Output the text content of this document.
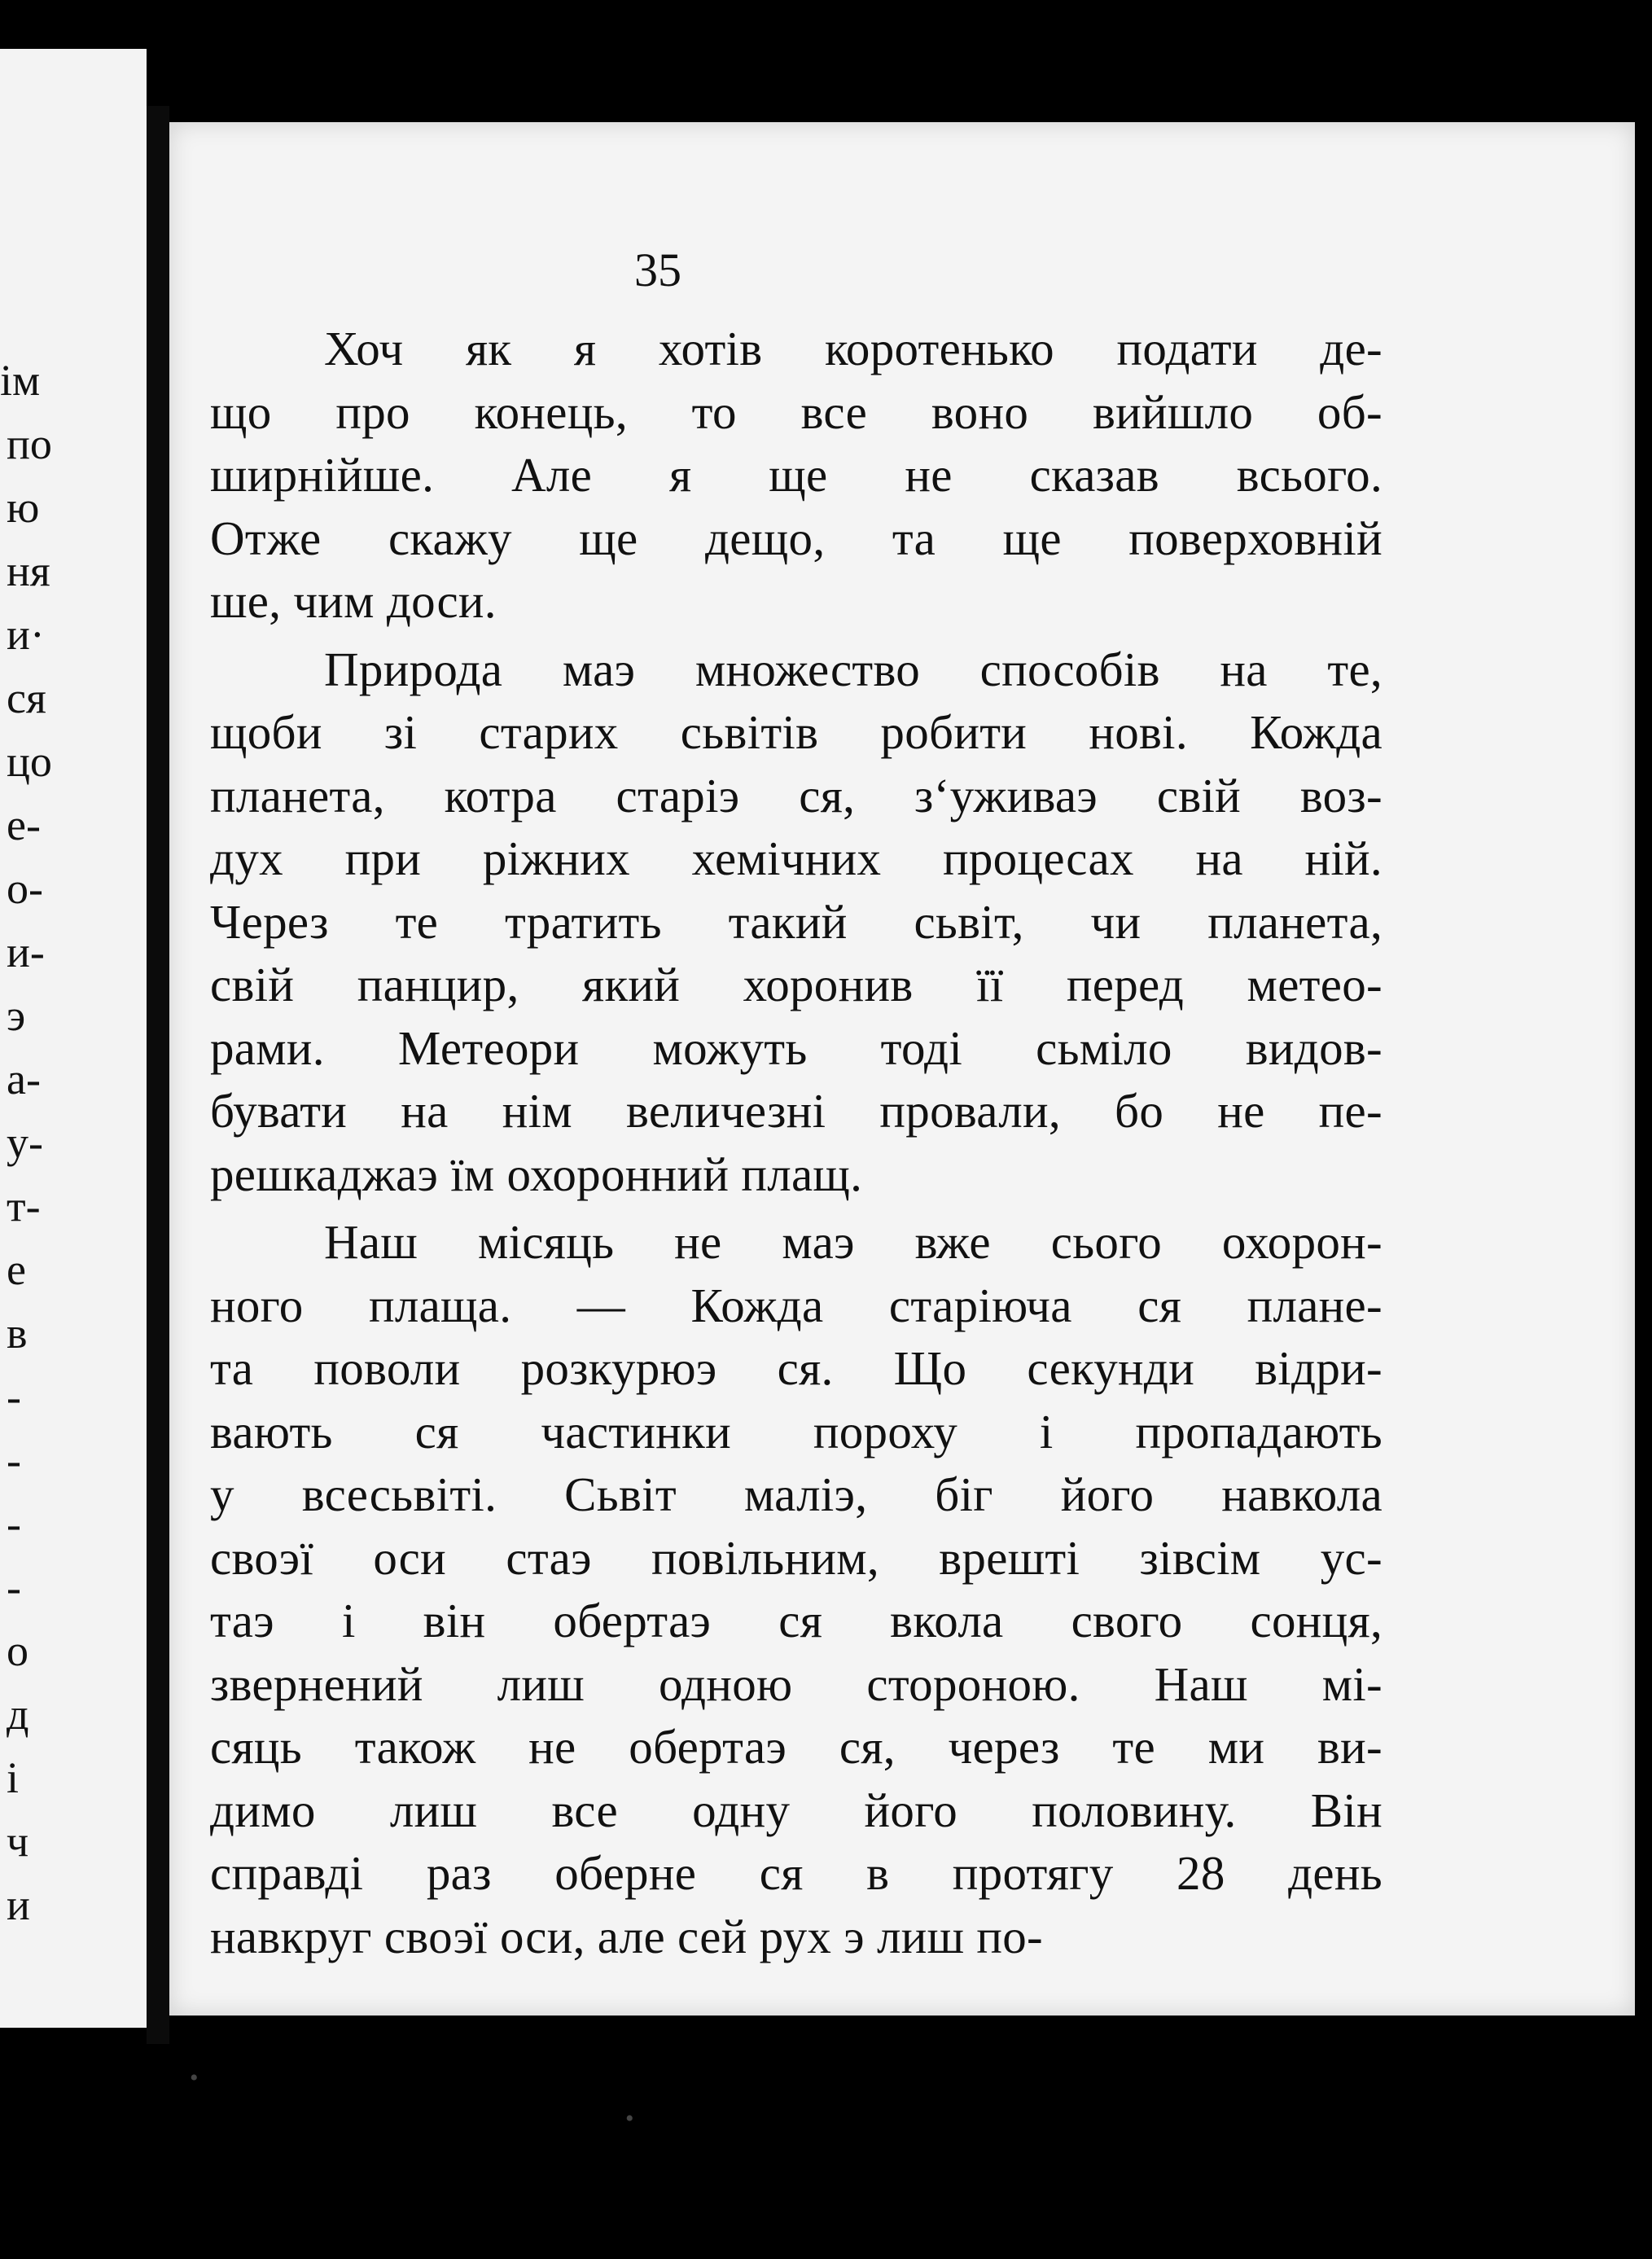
ім
по
ю
ня
и·
ся
цо
е-
о-
и-
э
а-
у-
т-
е
в
-
-
-
-
о
д
і
ч
и
35
Хоч як я хотів коротенько подати де-
що про конець, то все воно вийшло об-
ширнійше. Але я ще не сказав всього.
Отже скажу ще дещо, та ще поверховній
ше, чим доси.
Природа маэ множество способів на те,
щоби зі старих сьвітів робити нові. Кожда
планета, котра старіэ ся, з‘уживаэ свій воз-
дух при ріжних хемічних процесах на ній.
Через те тратить такий сьвіт, чи планета,
свій панцир, який хоронив її перед метео-
рами. Метеори можуть тоді сьміло видов-
бувати на нім величезні провали, бо не пе-
решкаджаэ їм охоронний плащ.
Наш місяць не маэ вже сього охорон-
ного плаща. — Кожда старіюча ся плане-
та поволи розкурюэ ся. Що секунди відри-
вають ся частинки пороху і пропадають
у всесьвіті. Сьвіт маліэ, біг його навкола
своэї оси стаэ повільним, врешті зівсім ус-
таэ і він обертаэ ся вкола свого сонця,
звернений лиш одною стороною. Наш мі-
сяць також не обертаэ ся, через те ми ви-
димо лиш все одну його половину. Він
справді раз оберне ся в протягу 28 день
навкруг своэї оси, але сей рух э лиш по-
•
•
